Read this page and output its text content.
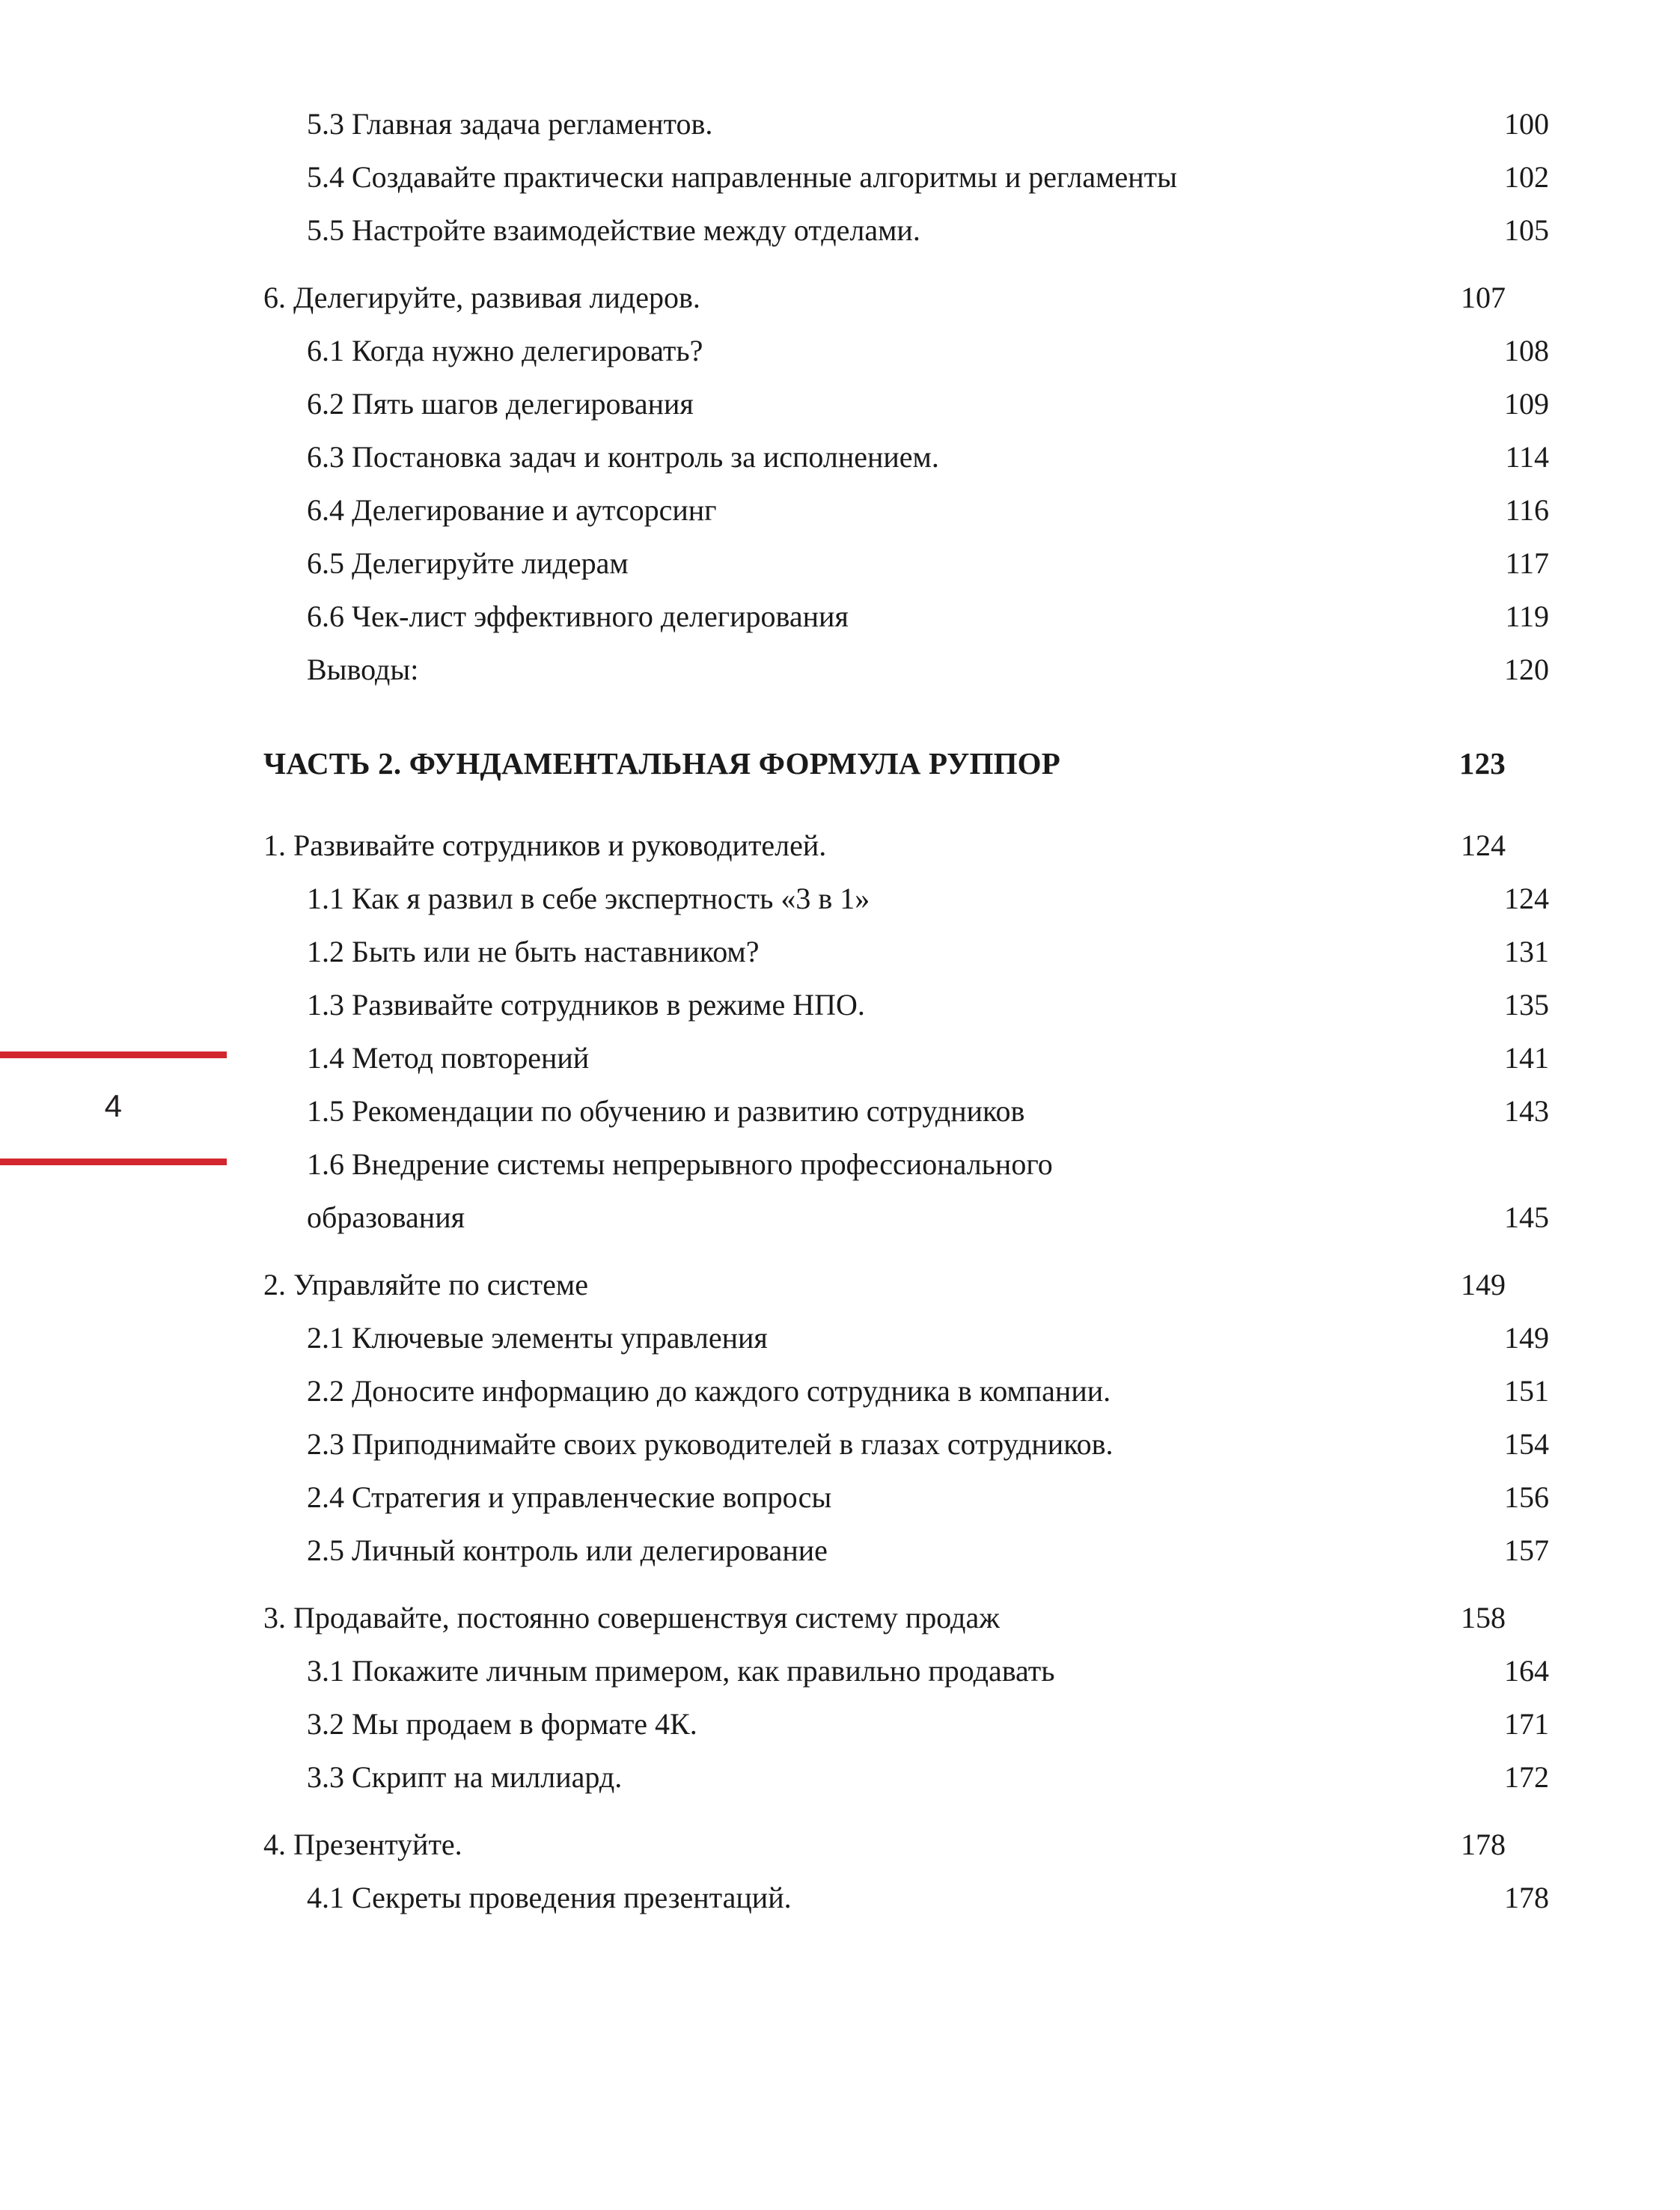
4
5.3 Главная задача регламентов. . . .	100
5.4 Создавайте практически направленные алгоритмы и регламенты . . .	102
5.5 Настройте взаимодействие между отделами. . . .	105
6. Делегируйте, развивая лидеров. . . .	107
6.1 Когда нужно делегировать? . . .	108
6.2 Пять шагов делегирования . . .	109
6.3 Постановка задач и контроль за исполнением. . . .	114
6.4 Делегирование и аутсорсинг . . .	116
6.5 Делегируйте лидерам . . .	117
6.6 Чек-лист эффективного делегирования . . .	119
Выводы: . . .	120
ЧАСТЬ 2. ФУНДАМЕНТАЛЬНАЯ ФОРМУЛА РУППОР . . .	123
1. Развивайте сотрудников и руководителей. . . .	124
1.1 Как я развил в себе экспертность «3 в 1» . . .	124
1.2 Быть или не быть наставником? . . .	131
1.3 Развивайте сотрудников в режиме НПО. . . .	135
1.4 Метод повторений . . .	141
1.5 Рекомендации по обучению и развитию сотрудников . . .	143
1.6 Внедрение системы непрерывного профессионального
образования . . .	145
2. Управляйте по системе . . .	149
2.1 Ключевые элементы управления . . .	149
2.2 Доносите информацию до каждого сотрудника в компании. . . .	151
2.3 Приподнимайте своих руководителей в глазах сотрудников. . . .	154
2.4 Стратегия и управленческие вопросы . . .	156
2.5 Личный контроль или делегирование . . .	157
3. Продавайте, постоянно совершенствуя систему продаж . . .	158
3.1 Покажите личным примером, как правильно продавать . . .	164
3.2 Мы продаем в формате 4К. . . .	171
3.3 Скрипт на миллиард. . . .	172
4. Презентуйте. . . .	178
4.1 Секреты проведения презентаций. . . .	178
